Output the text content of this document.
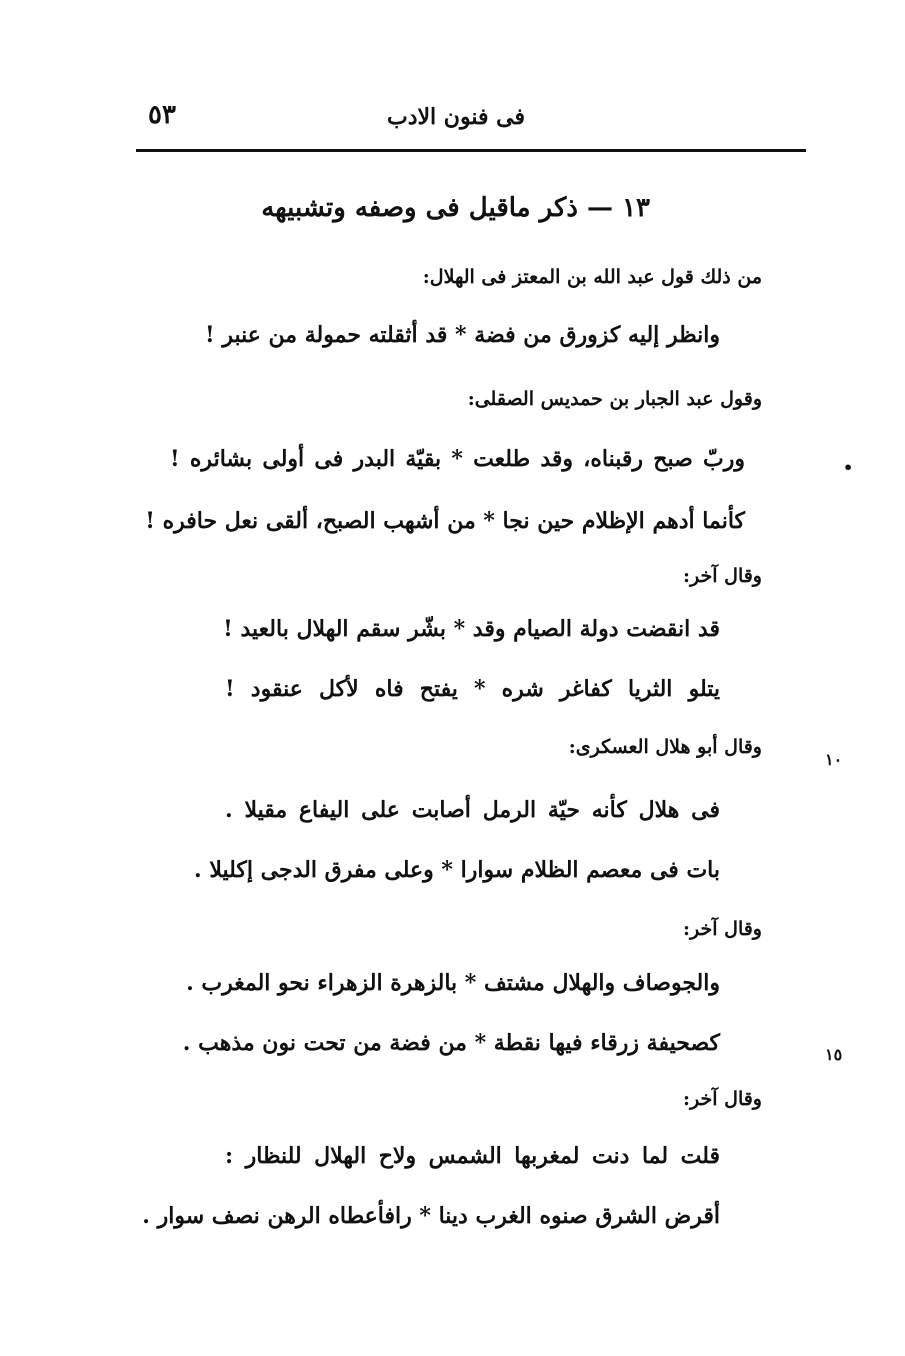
٥٣	فى فنون الادب
١٣ — ذكر ماقيل فى وصفه وتشبيهه
من ذلك قول عبد الله بن المعتز فى الهلال:
وانظر إليه كزورق من فضة * قد أثقلته حمولة من عنبر !
وقول عبد الجبار بن حمديس الصقلى:
•
وربّ صبح رقبناه، وقد طلعت * بقيّة البدر فى أولى بشائره !
كأنما أدهم الإظلام حين نجا * من أشهب الصبح، ألقى نعل حافره !
وقال آخر:
قد انقضت دولة الصيام وقد * بشّر سقم الهلال بالعيد !
يتلو الثريا كفاغر شره * يفتح فاه لأكل عنقود !
١٠
وقال أبو هلال العسكرى:
فى هلال كأنه حيّة الرمل أصابت على اليفاع مقيلا .
بات فى معصم الظلام سوارا * وعلى مفرق الدجى إكليلا .
وقال آخر:
والجوصاف والهلال مشتف * بالزهرة الزهراء نحو المغرب .
١٥
كصحيفة زرقاء فيها نقطة * من فضة من تحت نون مذهب .
وقال آخر:
قلت لما دنت لمغربها الشمس ولاح الهلال للنظار :
أقرض الشرق صنوه الغرب دينا * رافأعطاه الرهن نصف سوار .
